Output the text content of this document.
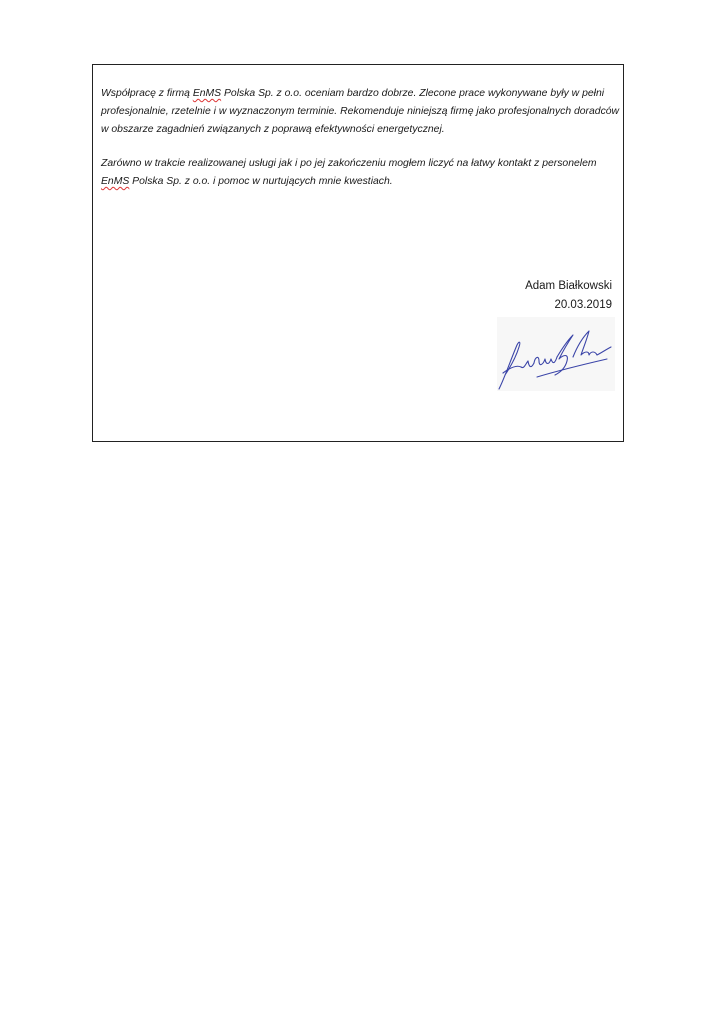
Współpracę z firmą EnMS Polska Sp. z o.o. oceniam bardzo dobrze. Zlecone prace wykonywane były w pełni profesjonalnie, rzetelnie i w wyznaczonym terminie. Rekomenduje niniejszą firmę jako profesjonalnych doradców w obszarze zagadnień związanych z poprawą efektywności energetycznej.

Zarówno w trakcie realizowanej usługi jak i po jej zakończeniu mogłem liczyć na łatwy kontakt z personelem EnMS Polska Sp. z o.o. i pomoc w nurtujących mnie kwestiach.

Adam Białkowski
20.03.2019
